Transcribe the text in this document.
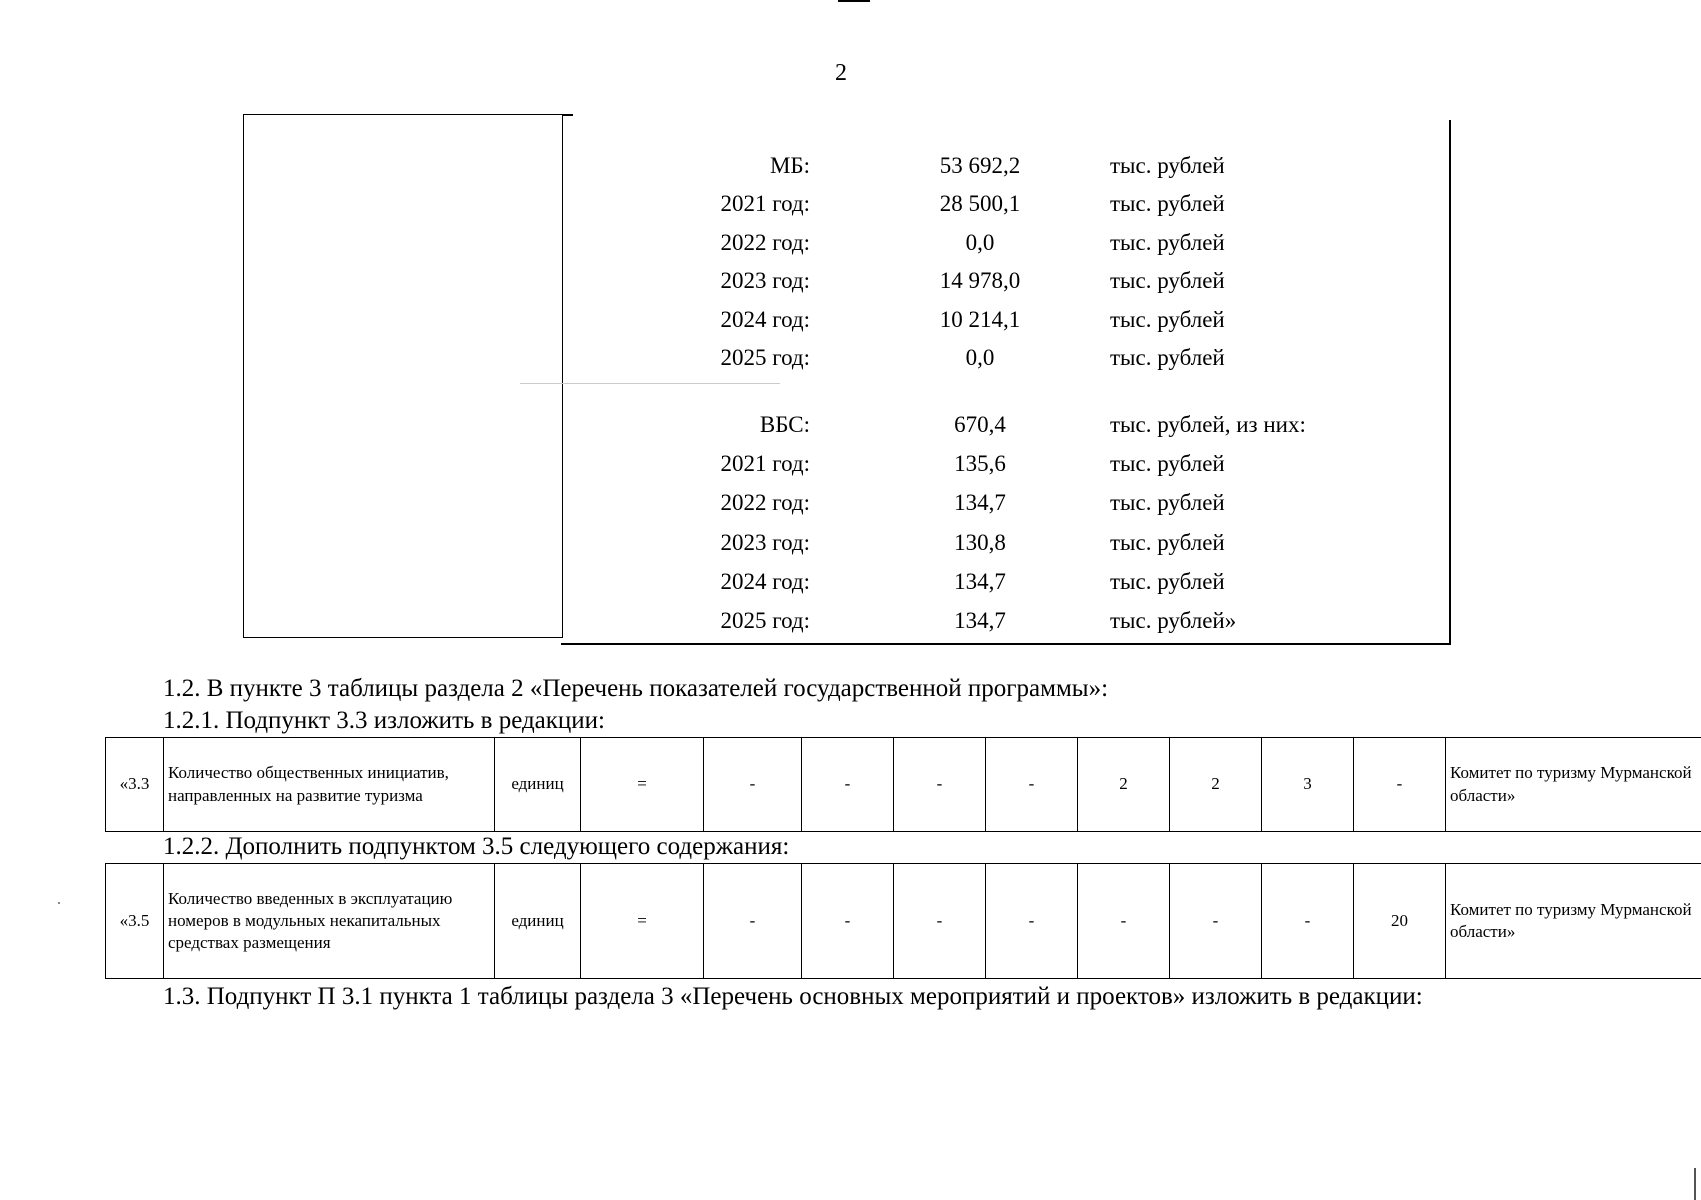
2
МБ:	53 692,2	тыс. рублей
2021 год:	28 500,1	тыс. рублей
2022 год:	0,0	тыс. рублей
2023 год:	14 978,0	тыс. рублей
2024 год:	10 214,1	тыс. рублей
2025 год:	0,0	тыс. рублей
ВБС:	670,4	тыс. рублей, из них:
2021 год:	135,6	тыс. рублей
2022 год:	134,7	тыс. рублей
2023 год:	130,8	тыс. рублей
2024 год:	134,7	тыс. рублей
2025 год:	134,7	тыс. рублей»
1.2. В пункте 3 таблицы раздела 2 «Перечень показателей государственной программы»:
1.2.1. Подпункт 3.3 изложить в редакции:
«3.3	Количество общественных инициатив, направленных на развитие туризма	единиц	=	-	-	-	-	2	2	3	-	Комитет по туризму Мурманской области»
1.2.2. Дополнить подпунктом 3.5 следующего содержания:
«3.5	Количество введенных в эксплуатацию номеров в модульных некапитальных средствах размещения	единиц	=	-	-	-	-	-	-	-	20	Комитет по туризму Мурманской области»
1.3. Подпункт П 3.1 пункта 1 таблицы раздела 3 «Перечень основных мероприятий и проектов» изложить в редакции:
